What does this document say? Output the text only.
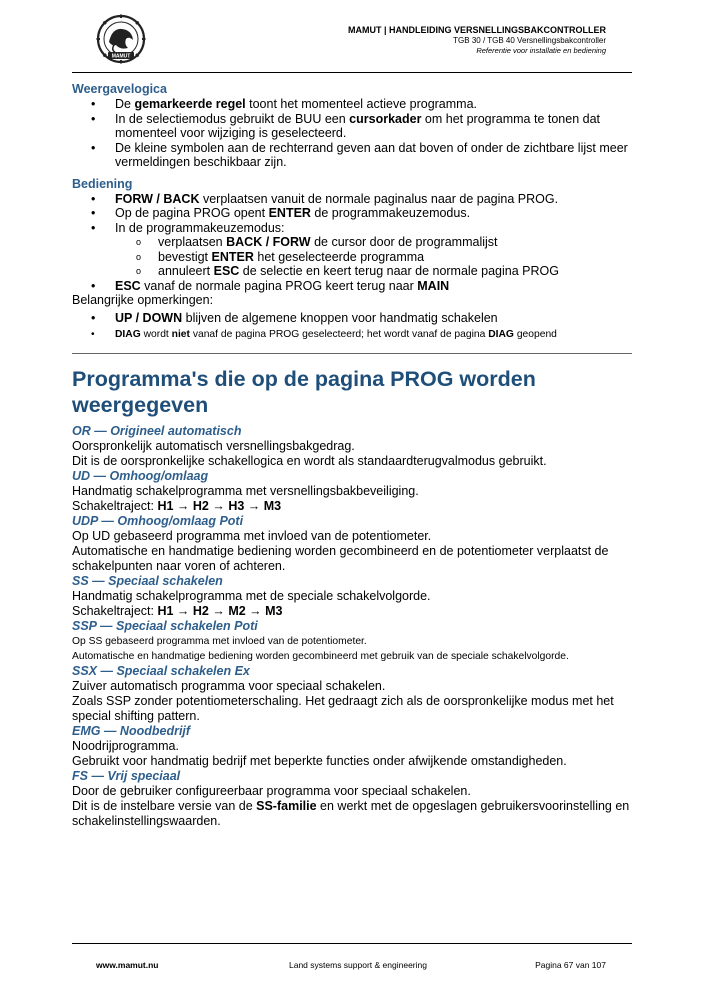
MAMUT
MAMUT | HANDLEIDING VERSNELLINGSBAKCONTROLLER
TGB 30 / TGB 40 Versnellingsbakcontroller
Referentie voor installatie en bediening
Weergavelogica
• De gemarkeerde regel toont het momenteel actieve programma.
• In de selectiemodus gebruikt de BUU een cursorkader om het programma te tonen dat momenteel voor wijziging is geselecteerd.
• De kleine symbolen aan de rechterrand geven aan dat boven of onder de zichtbare lijst meer vermeldingen beschikbaar zijn.
Bediening
• FORW / BACK verplaatsen vanuit de normale paginalus naar de pagina PROG.
• Op de pagina PROG opent ENTER de programmakeuzemodus.
• In de programmakeuzemodus:
o verplaatsen BACK / FORW de cursor door de programmalijst
o bevestigt ENTER het geselecteerde programma
o annuleert ESC de selectie en keert terug naar de normale pagina PROG
• ESC vanaf de normale pagina PROG keert terug naar MAIN

Belangrijke opmerkingen:

• UP / DOWN blijven de algemene knoppen voor handmatig schakelen
• DIAG wordt niet vanaf de pagina PROG geselecteerd; het wordt vanaf de pagina DIAG geopend
Programma's die op de pagina PROG worden weergegeven
OR — Origineel automatisch

Oorspronkelijk automatisch versnellingsbakgedrag.

Dit is de oorspronkelijke schakellogica en wordt als standaardterugvalmodus gebruikt.

UD — Omhoog/omlaag

Handmatig schakelprogramma met versnellingsbakbeveiliging.

Schakeltraject: H1 → H2 → H3 → M3

UDP — Omhoog/omlaag Poti

Op UD gebaseerd programma met invloed van de potentiometer.

Automatische en handmatige bediening worden gecombineerd en de potentiometer verplaatst de schakelpunten naar voren of achteren.

SS — Speciaal schakelen

Handmatig schakelprogramma met de speciale schakelvolgorde.

Schakeltraject: H1 → H2 → M2 → M3

SSP — Speciaal schakelen Poti

Op SS gebaseerd programma met invloed van de potentiometer.

Automatische en handmatige bediening worden gecombineerd met gebruik van de speciale schakelvolgorde.

SSX — Speciaal schakelen Ex

Zuiver automatisch programma voor speciaal schakelen.

Zoals SSP zonder potentiometerschaling. Het gedraagt zich als de oorspronkelijke modus met het special shifting pattern.

EMG — Noodbedrijf

Noodrijprogramma.

Gebruikt voor handmatig bedrijf met beperkte functies onder afwijkende omstandigheden.

FS — Vrij speciaal

Door de gebruiker configureerbaar programma voor speciaal schakelen.

Dit is de instelbare versie van de SS-familie en werkt met de opgeslagen gebruikersvoorinstelling en schakelinstellingswaarden.

www.mamut.nu	Land systems support & engineering	Pagina 67 van 107
